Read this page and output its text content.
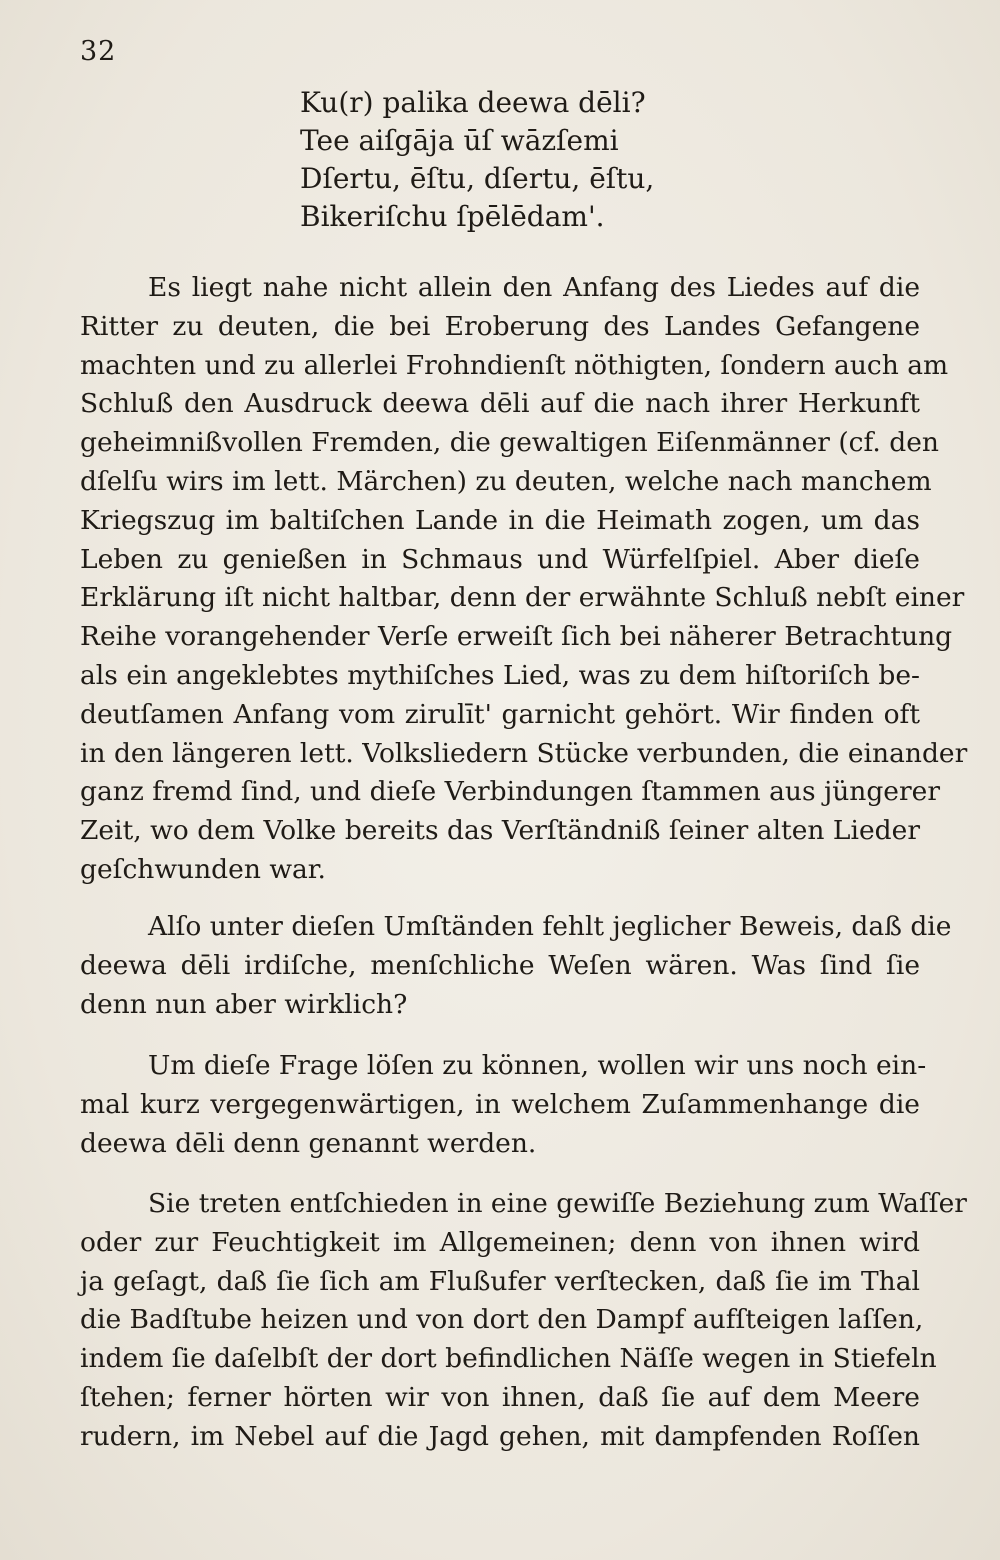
32
Ku(r) palika deewa dēli?
Tee aiſgāja ūſ wāzſemi
Dſertu, ēſtu, dſertu, ēſtu,
Bikeriſchu ſpēlēdam'.
Es liegt nahe nicht allein den Anfang des Liedes auf die
Ritter zu deuten, die bei Eroberung des Landes Gefangene
machten und zu allerlei Frohndienſt nöthigten, ſondern auch am
Schluß den Ausdruck deewa dēli auf die nach ihrer Herkunft
geheimnißvollen Fremden, die gewaltigen Eiſenmänner (cf. den
dſelſu wirs im lett. Märchen) zu deuten, welche nach manchem
Kriegszug im baltiſchen Lande in die Heimath zogen, um das
Leben zu genießen in Schmaus und Würfelſpiel. Aber dieſe
Erklärung iſt nicht haltbar, denn der erwähnte Schluß nebſt einer
Reihe vorangehender Verſe erweiſt ſich bei näherer Betrachtung
als ein angeklebtes mythiſches Lied, was zu dem hiſtoriſch be-
deutſamen Anfang vom zirulīt' garnicht gehört. Wir finden oft
in den längeren lett. Volksliedern Stücke verbunden, die einander
ganz fremd ſind, und dieſe Verbindungen ſtammen aus jüngerer
Zeit, wo dem Volke bereits das Verſtändniß ſeiner alten Lieder
geſchwunden war.
Alſo unter dieſen Umſtänden fehlt jeglicher Beweis, daß die
deewa dēli irdiſche, menſchliche Weſen wären. Was ſind ſie
denn nun aber wirklich?
Um dieſe Frage löſen zu können, wollen wir uns noch ein-
mal kurz vergegenwärtigen, in welchem Zuſammenhange die
deewa dēli denn genannt werden.
Sie treten entſchieden in eine gewiſſe Beziehung zum Waſſer
oder zur Feuchtigkeit im Allgemeinen; denn von ihnen wird
ja geſagt, daß ſie ſich am Flußufer verſtecken, daß ſie im Thal
die Badſtube heizen und von dort den Dampf aufſteigen laſſen,
indem ſie daſelbſt der dort befindlichen Näſſe wegen in Stiefeln
ſtehen; ferner hörten wir von ihnen, daß ſie auf dem Meere
rudern, im Nebel auf die Jagd gehen, mit dampfenden Roſſen
